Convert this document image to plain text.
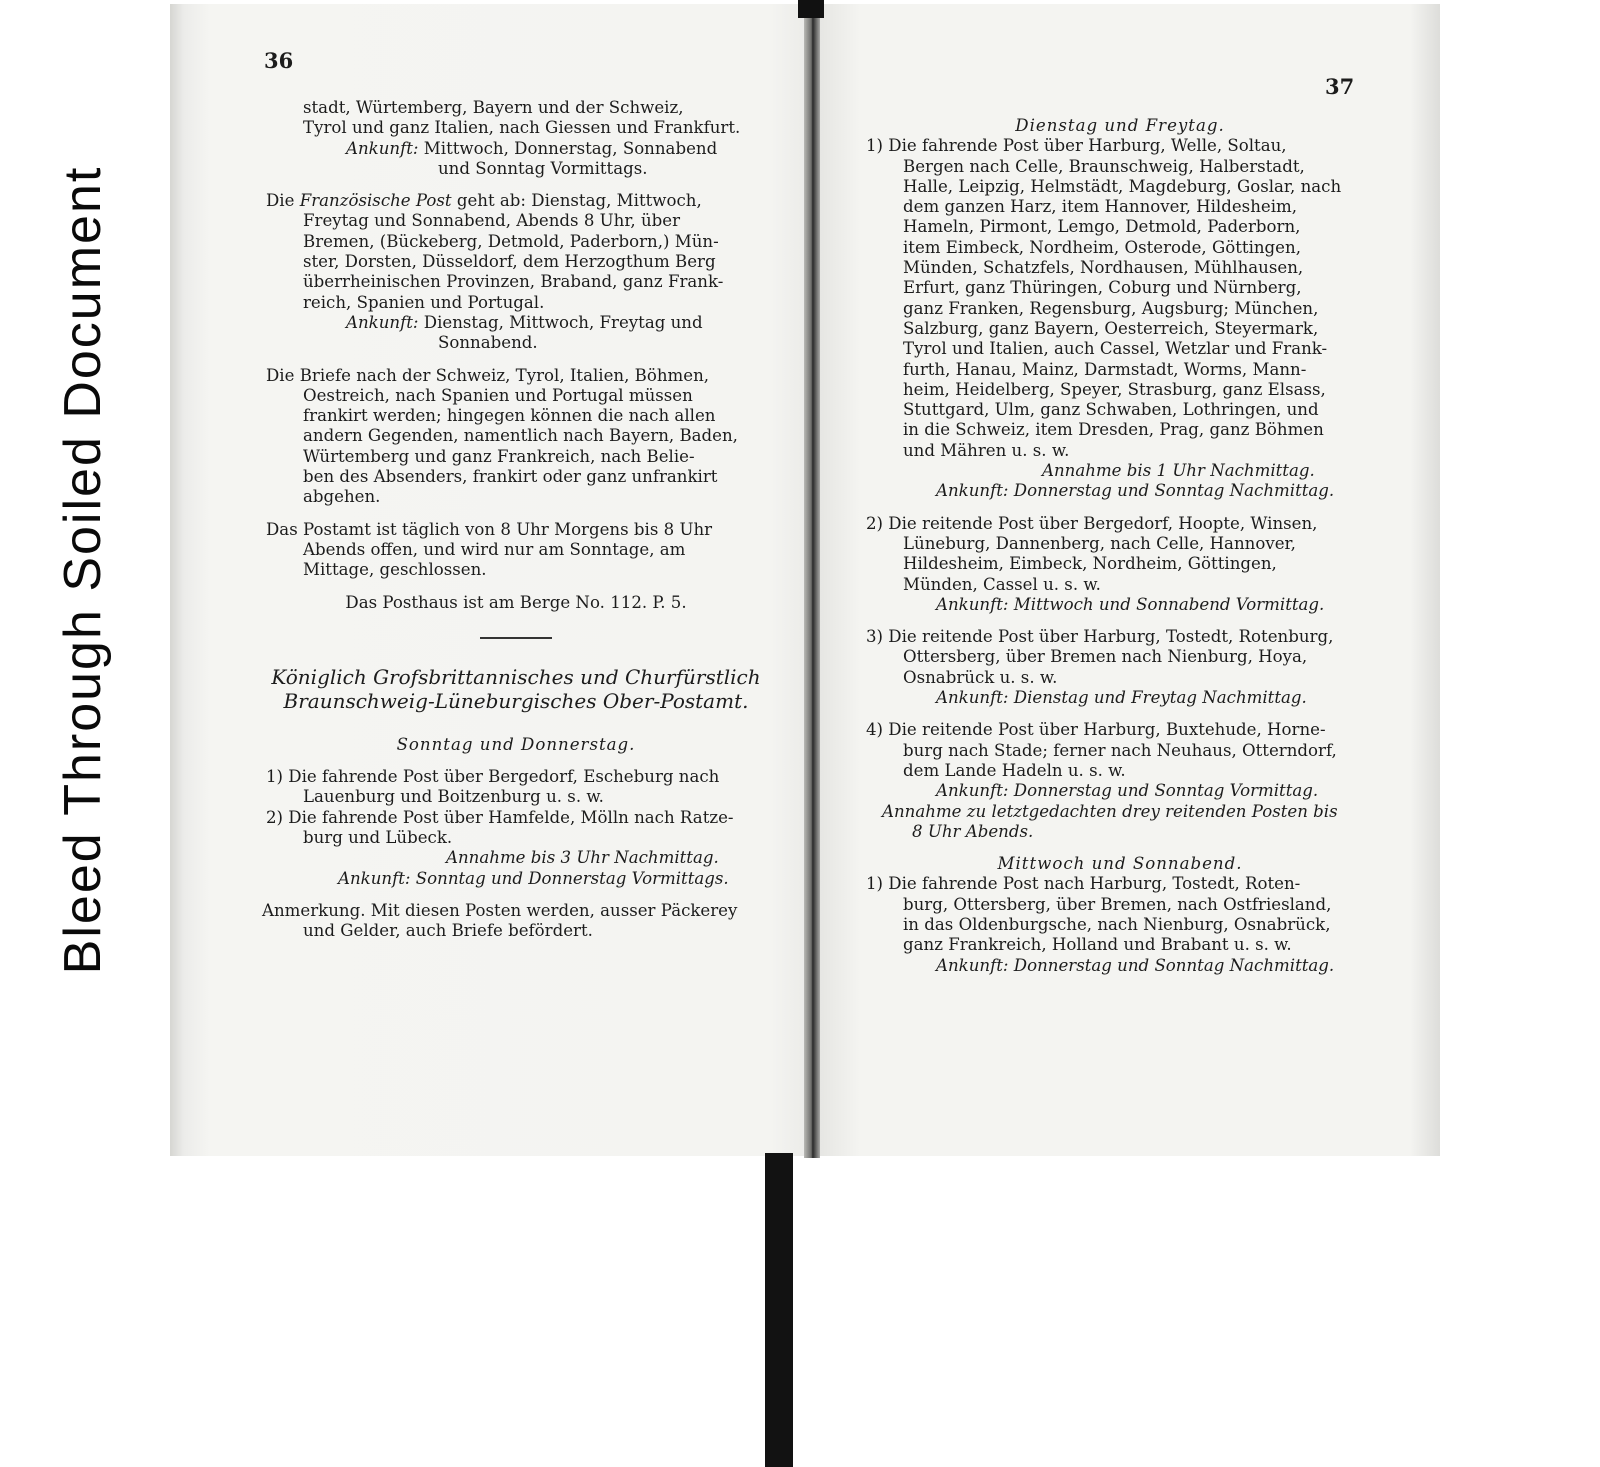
Bleed Through Soiled Document
36

stadt, Würtemberg, Bayern und der Schweiz,

Tyrol und ganz Italien, nach Giessen und Frankfurt.

Ankunft: Mittwoch, Donnerstag, Sonnabend

und Sonntag Vormittags.

Die Französische Post geht ab: Dienstag, Mittwoch,

Freytag und Sonnabend, Abends 8 Uhr, über

Bremen, (Bückeberg, Detmold, Paderborn,) Mün-

ster, Dorsten, Düsseldorf, dem Herzogthum Berg

überrheinischen Provinzen, Braband, ganz Frank-

reich, Spanien und Portugal.

Ankunft: Dienstag, Mittwoch, Freytag und

Sonnabend.

Die Briefe nach der Schweiz, Tyrol, Italien, Böhmen,

Oestreich, nach Spanien und Portugal müssen

frankirt werden; hingegen können die nach allen

andern Gegenden, namentlich nach Bayern, Baden,

Würtemberg und ganz Frankreich, nach Belie-

ben des Absenders, frankirt oder ganz unfrankirt

abgehen.

Das Postamt ist täglich von 8 Uhr Morgens bis 8 Uhr

Abends offen, und wird nur am Sonntage, am

Mittage, geschlossen.

Das Posthaus ist am Berge No. 112. P. 5.

Königlich Grofsbrittannisches und Churfürstlich

Braunschweig-Lüneburgisches Ober-Postamt.

Sonntag und Donnerstag.

1) Die fahrende Post über Bergedorf, Escheburg nach

Lauenburg und Boitzenburg u. s. w.

2) Die fahrende Post über Hamfelde, Mölln nach Ratze-

burg und Lübeck.

Annahme bis 3 Uhr Nachmittag.

Ankunft: Sonntag und Donnerstag Vormittags.

Anmerkung. Mit diesen Posten werden, ausser Päckerey

und Gelder, auch Briefe befördert.

37

Dienstag und Freytag.

1) Die fahrende Post über Harburg, Welle, Soltau,

Bergen nach Celle, Braunschweig, Halberstadt,

Halle, Leipzig, Helmstädt, Magdeburg, Goslar, nach

dem ganzen Harz, item Hannover, Hildesheim,

Hameln, Pirmont, Lemgo, Detmold, Paderborn,

item Eimbeck, Nordheim, Osterode, Göttingen,

Münden, Schatzfels, Nordhausen, Mühlhausen,

Erfurt, ganz Thüringen, Coburg und Nürnberg,

ganz Franken, Regensburg, Augsburg; München,

Salzburg, ganz Bayern, Oesterreich, Steyermark,

Tyrol und Italien, auch Cassel, Wetzlar und Frank-

furth, Hanau, Mainz, Darmstadt, Worms, Mann-

heim, Heidelberg, Speyer, Strasburg, ganz Elsass,

Stuttgard, Ulm, ganz Schwaben, Lothringen, und

in die Schweiz, item Dresden, Prag, ganz Böhmen

und Mähren u. s. w.

Annahme bis 1 Uhr Nachmittag.

Ankunft: Donnerstag und Sonntag Nachmittag.

2) Die reitende Post über Bergedorf, Hoopte, Winsen,

Lüneburg, Dannenberg, nach Celle, Hannover,

Hildesheim, Eimbeck, Nordheim, Göttingen,

Münden, Cassel u. s. w.

Ankunft: Mittwoch und Sonnabend Vormittag.

3) Die reitende Post über Harburg, Tostedt, Rotenburg,

Ottersberg, über Bremen nach Nienburg, Hoya,

Osnabrück u. s. w.

Ankunft: Dienstag und Freytag Nachmittag.

4) Die reitende Post über Harburg, Buxtehude, Horne-

burg nach Stade; ferner nach Neuhaus, Otterndorf,

dem Lande Hadeln u. s. w.

Ankunft: Donnerstag und Sonntag Vormittag.

Annahme zu letztgedachten drey reitenden Posten bis

8 Uhr Abends.

Mittwoch und Sonnabend.

1) Die fahrende Post nach Harburg, Tostedt, Roten-

burg, Ottersberg, über Bremen, nach Ostfriesland,

in das Oldenburgsche, nach Nienburg, Osnabrück,

ganz Frankreich, Holland und Brabant u. s. w.

Ankunft: Donnerstag und Sonntag Nachmittag.
